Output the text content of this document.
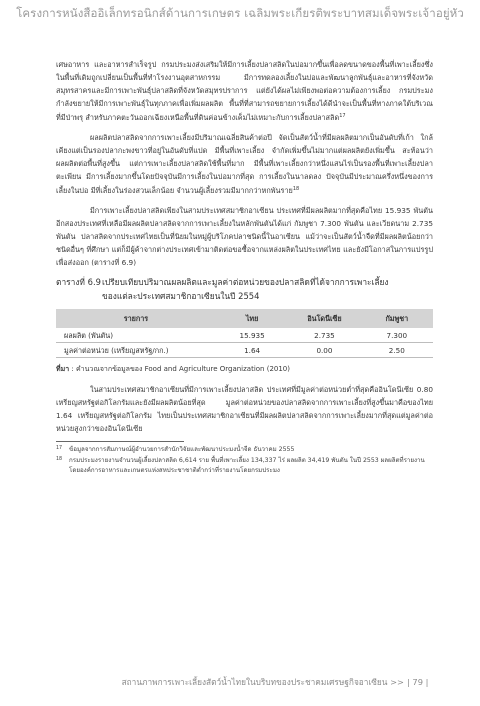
โครงการหนังสืออิเล็กทรอนิกส์ด้านการเกษตร เฉลิมพระเกียรติพระบาทสมเด็จพระเจ้าอยู่หัว

เศษอาหาร และอาหารสำเร็จรูป กรมประมงส่งเสริมให้มีการเลี้ยงปลาสลิดในบ่อมากขึ้นเพื่อลดขนาดของพื้นที่เพาะเลี้ยงซึ่งในพื้นที่เดิมถูกเปลี่ยนเป็นพื้นที่ทำโรงงานอุตสาหกรรม มีการทดลองเลี้ยงในบ่อและพัฒนาลูกพันธุ์และอาหารที่จังหวัดสมุทรสาครและมีการเพาะพันธุ์ปลาสลิดที่จังหวัดสมุทรปราการ แต่ยังได้ผลไม่เพียงพอต่อความต้องการเลี้ยง กรมประมงกำลังขยายให้มีการเพาะพันธุ์ในทุกภาคเพื่อเพิ่มผลผลิต พื้นที่ที่สามารถขยายการเลี้ยงได้ดีนำจะเป็นพื้นที่ทางภาคใต้บริเวณที่มีป่าพรุ สำหรับภาคตะวันออกเฉียงเหนือพื้นที่ดินค่อนข้างเค็มไม่เหมาะกับการเลี้ยงปลาสลิด$^{17}$

ผลผลิตปลาสลิดจากการเพาะเลี้ยงมีปริมาณเฉลี่ยสินค้าต่อปี จัดเป็นสัตว์น้ำที่มีผลผลิตมากเป็นอันดับที่เก้า ใกล้เคียงแต่เป็นรองปลากะพงขาวที่อยู่ในอันดับที่แปด มีพื้นที่เพาะเลี้ยง จำกัดเพิ่มขึ้นไม่มากแต่ผลผลิตยังเพิ่มขึ้น สะท้อนว่าผลผลิตต่อพื้นที่สูงขึ้น แต่การเพาะเลี้ยงปลาสลิดใช้พื้นที่มาก มีพื้นที่เพาะเลี้ยงกว่าหนึ่งแสนไร่เป็นรองพื้นที่เพาะเลี้ยงปลาตะเพียน มีการเลี้ยงมากขึ้นโดยปัจจุบันมีการเลี้ยงในบ่อมากที่สุด การเลี้ยงในนาลดลง ปัจจุบันมีประมาณครึ่งหนึ่งของการเลี้ยงในบ่อ มีที่เลี้ยงในร่องสวนเล็กน้อย จำนวนผู้เลี้ยงรวมมีมากกว่าหกพันราย$^{18}$

มีการเพาะเลี้ยงปลาสลิดเพียงในสามประเทศสมาชิกอาเซียน ประเทศที่มีผลผลิตมากที่สุดคือไทย 15.935 พันตัน อีกสองประเทศที่เหลือมีผลผลิตปลาสลิดจากการเพาะเลี้ยงในหลักพันตันได้แก่ กัมพูชา 7.300 พันตัน และเวียดนาม 2.735 พันตัน ปลาสลิดจากประเทศไทยเป็นที่นิยมในหมู่ผู้บริโภคปลาชนิดนี้ในอาเซียน แม้ว่าจะเป็นสัตว์น้ำจืดที่มีผลผลิตน้อยกว่าชนิดอื่นๆ ที่ศึกษา แต่ก็มีผู้ค้าจากต่างประเทศเข้ามาติดต่อขอซื้อจากแหล่งผลิตในประเทศไทย และยังมีโอกาสในการแปรรูปเพื่อส่งออก (ตารางที่ 6.9)

ตารางที่ 6.9เปรียบเทียบปริมาณผลผลิตและมูลค่าต่อหน่วยของปลาสลิดที่ได้จากการเพาะเลี้ยง
ของแต่ละประเทศสมาชิกอาเซียนในปี 2554
รายการ	ไทย	อินโดนีเซีย	กัมพูชา
ผลผลิต (พันตัน)	15.935	2.735	7.300
มูลค่าต่อหน่วย (เหรียญสหรัฐ/กก.)	1.64	0.00	2.50
ที่มา : คำนวณจากข้อมูลของ Food and Agriculture Organization (2010)

ในสามประเทศสมาชิกอาเซียนที่มีการเพาะเลี้ยงปลาสลิด ประเทศที่มีมูลค่าต่อหน่วยต่ำที่สุดคืออินโดนีเซีย 0.80 เหรียญสหรัฐต่อกิโลกรัมและยังมีผลผลิตน้อยที่สุด มูลค่าต่อหน่วยของปลาสลิดจากการเพาะเลี้ยงที่สูงขึ้นมาคือของไทย 1.64 เหรียญสหรัฐต่อกิโลกรัม ไทยเป็นประเทศสมาชิกอาเซียนที่มีผลผลิตปลาสลิดจากการเพาะเลี้ยงมากที่สุดแต่มูลค่าต่อหน่วยสูงกว่าของอินโดนีเซีย

17	ข้อมูลจากการสัมภาษณ์ผู้อำนวยการสำนักวิจัยและพัฒนาประมงน้ำจืด ธันวาคม 2555
18	กรมประมงรายงานจำนวนผู้เลี้ยงปลาสลิด 6,614 ราย พื้นที่เพาะเลี้ยง 134,337 ไร่ ผลผลิต 34,419 พันตัน ในปี 2553 ผลผลิตที่รายงานโดยองค์การอาหารและเกษตรแห่งสหประชาชาติต่ำกว่าที่รายงานโดยกรมประมง
สถานภาพการเพาะเลี้ยงสัตว์น้ำไทยในบริบทของประชาคมเศรษฐกิจอาเซียน >> | 79 |
